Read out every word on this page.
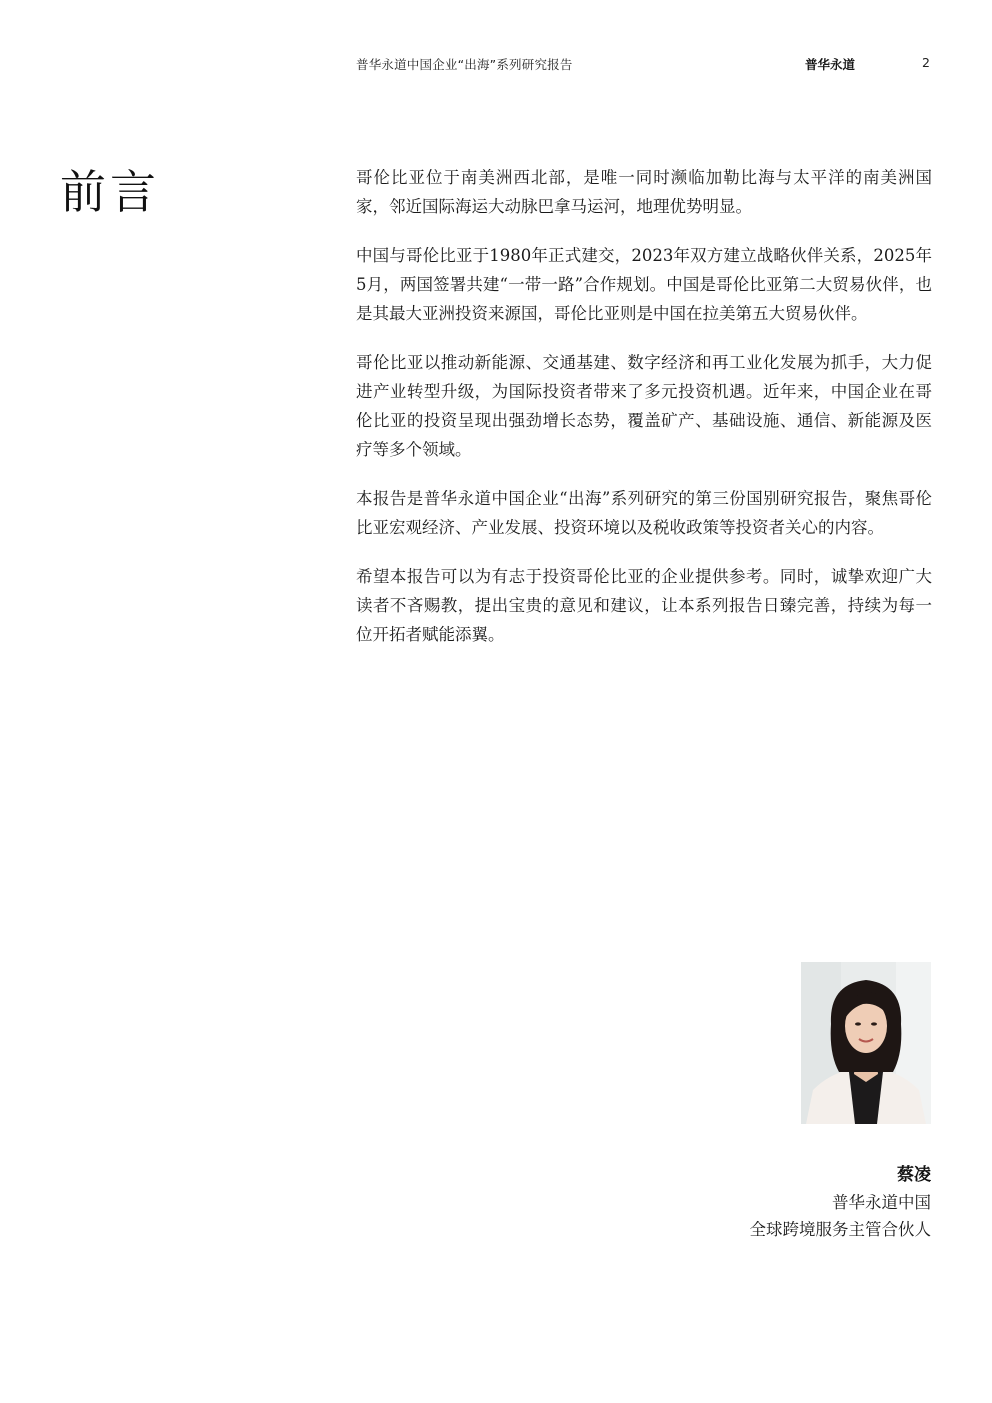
普华永道中国企业“出海”系列研究报告	普华永道	2
前言	哥伦比亚位于南美洲西北部，是唯一同时濒临加勒比海与太平洋的南美洲国家，邻近国际海运大动脉巴拿马运河，地理优势明显。

中国与哥伦比亚于1980年正式建交，2023年双方建立战略伙伴关系，2025年5月，两国签署共建“一带一路”合作规划。中国是哥伦比亚第二大贸易伙伴，也是其最大亚洲投资来源国，哥伦比亚则是中国在拉美第五大贸易伙伴。

哥伦比亚以推动新能源、交通基建、数字经济和再工业化发展为抓手，大力促进产业转型升级，为国际投资者带来了多元投资机遇。近年来，中国企业在哥伦比亚的投资呈现出强劲增长态势，覆盖矿产、基础设施、通信、新能源及医疗等多个领域。

本报告是普华永道中国企业“出海”系列研究的第三份国别研究报告，聚焦哥伦比亚宏观经济、产业发展、投资环境以及税收政策等投资者关心的内容。

希望本报告可以为有志于投资哥伦比亚的企业提供参考。同时，诚挚欢迎广大读者不吝赐教，提出宝贵的意见和建议，让本系列报告日臻完善，持续为每一位开拓者赋能添翼。

蔡凌
普华永道中国
全球跨境服务主管合伙人
